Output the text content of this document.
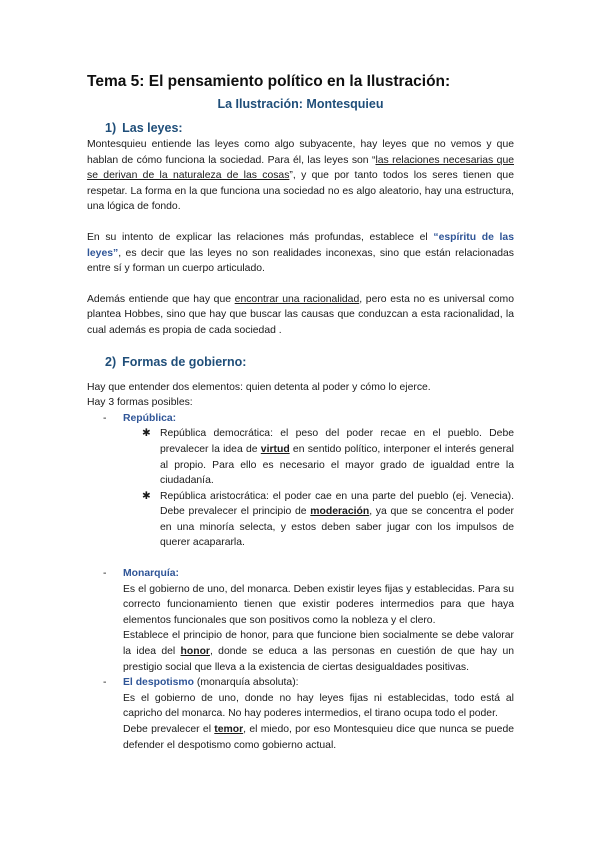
Tema 5: El pensamiento político en la Ilustración:
La Ilustración: Montesquieu
1) Las leyes:

Montesquieu entiende las leyes como algo subyacente, hay leyes que no vemos y que hablan de cómo funciona la sociedad. Para él, las leyes son “las relaciones necesarias que se derivan de la naturaleza de las cosas”, y que por tanto todos los seres tienen que respetar. La forma en la que funciona una sociedad no es algo aleatorio, hay una estructura, una lógica de fondo.

En su intento de explicar las relaciones más profundas, establece el “espíritu de las leyes”, es decir que las leyes no son realidades inconexas, sino que están relacionadas entre sí y forman un cuerpo articulado.

Además entiende que hay que encontrar una racionalidad, pero esta no es universal como plantea Hobbes, sino que hay que buscar las causas que conduzcan a esta racionalidad, la cual además es propia de cada sociedad .

2) Formas de gobierno:

Hay que entender dos elementos: quien detenta al poder y cómo lo ejerce.

Hay 3 formas posibles:

- República:

✱ República democrática: el peso del poder recae en el pueblo. Debe prevalecer la idea de virtud en sentido político, interponer el interés general al propio. Para ello es necesario el mayor grado de igualdad entre la ciudadanía.

✱ República aristocrática: el poder cae en una parte del pueblo (ej. Venecia). Debe prevalecer el principio de moderación, ya que se concentra el poder en una minoría selecta, y estos deben saber jugar con los impulsos de querer acapararla.

- Monarquía:

Es el gobierno de uno, del monarca. Deben existir leyes fijas y establecidas. Para su correcto funcionamiento tienen que existir poderes intermedios para que haya elementos funcionales que son positivos como la nobleza y el clero.

Establece el principio de honor, para que funcione bien socialmente se debe valorar la idea del honor, donde se educa a las personas en cuestión de que hay un prestigio social que lleva a la existencia de ciertas desigualdades positivas.

- El despotismo (monarquía absoluta):

Es el gobierno de uno, donde no hay leyes fijas ni establecidas, todo está al capricho del monarca. No hay poderes intermedios, el tirano ocupa todo el poder.

Debe prevalecer el temor, el miedo, por eso Montesquieu dice que nunca se puede defender el despotismo como gobierno actual.
